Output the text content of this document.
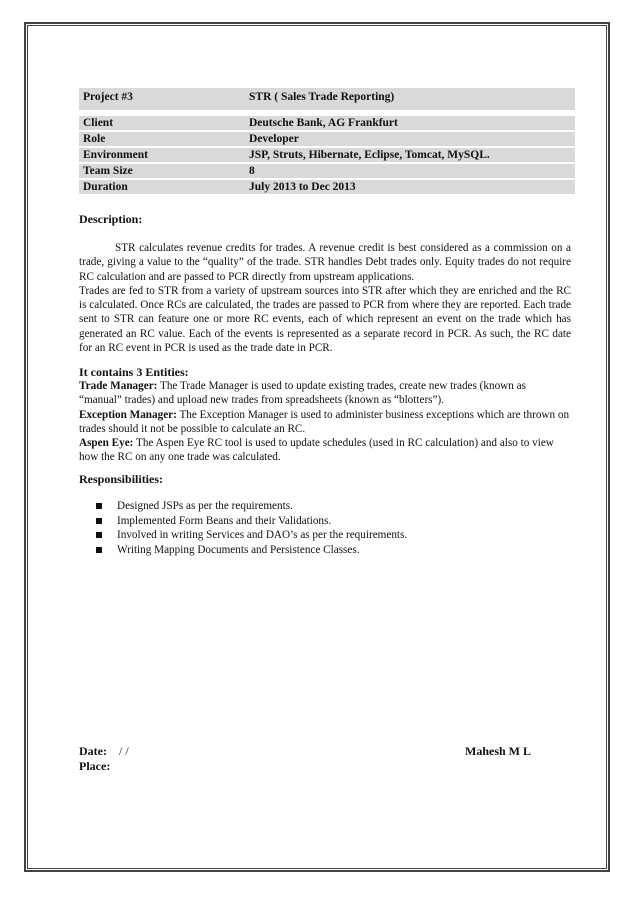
Project #3	STR ( Sales Trade Reporting)

Client	Deutsche Bank, AG Frankfurt
Role	Developer
Environment	JSP, Struts, Hibernate, Eclipse, Tomcat, MySQL.
Team Size	8
Duration	July 2013 to Dec 2013
Description:

STR calculates revenue credits for trades. A revenue credit is best considered as a commission on a trade, giving a value to the “quality” of the trade. STR handles Debt trades only. Equity trades do not require RC calculation and are passed to PCR directly from upstream applications.

Trades are fed to STR from a variety of upstream sources into STR after which they are enriched and the RC is calculated. Once RCs are calculated, the trades are passed to PCR from where they are reported. Each trade sent to STR can feature one or more RC events, each of which represent an event on the trade which has generated an RC value. Each of the events is represented as a separate record in PCR. As such, the RC date for an RC event in PCR is used as the trade date in PCR.

It contains 3 Entities:

Trade Manager: The Trade Manager is used to update existing trades, create new trades (known as “manual” trades) and upload new trades from spreadsheets (known as “blotters”).

Exception Manager: The Exception Manager is used to administer business exceptions which are thrown on trades should it not be possible to calculate an RC.

Aspen Eye: The Aspen Eye RC tool is used to update schedules (used in RC calculation) and also to view how the RC on any one trade was calculated.

Responsibilities:
Designed JSPs as per the requirements.
Implemented Form Beans and their Validations.
Involved in writing Services and DAO’s as per the requirements.
Writing Mapping Documents and Persistence Classes.
Date: / /
Place:
Mahesh M L
